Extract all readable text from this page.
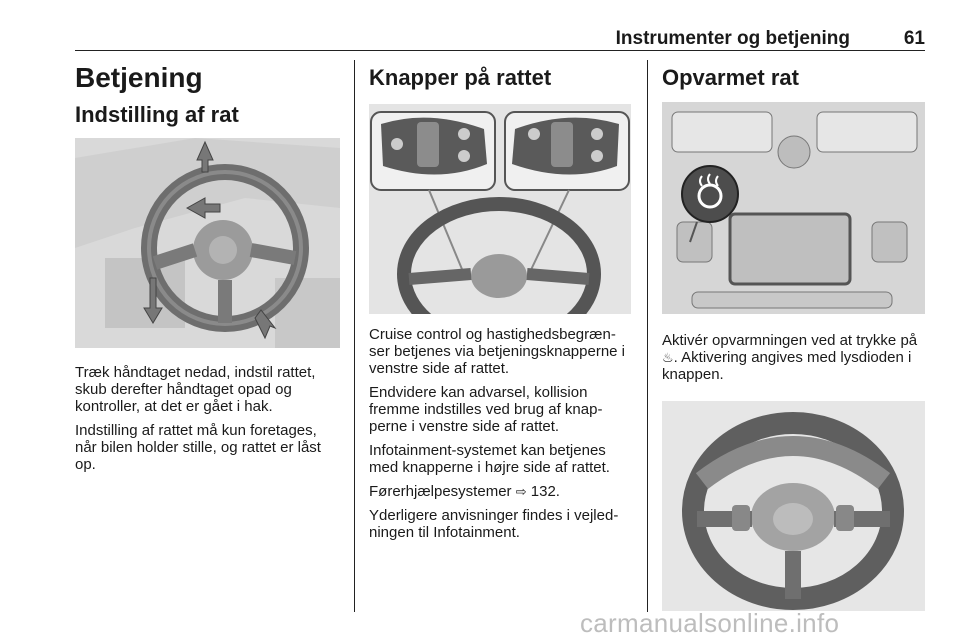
Instrumenter og betjening	61
Betjening
Indstilling af rat

Træk håndtaget nedad, indstil rattet, skub derefter håndtaget opad og kontroller, at det er gået i hak.

Indstilling af rattet må kun foretages, når bilen holder stille, og rattet er låst op.

Knapper på rattet

Cruise control og hastighedsbegrænser betjenes via betjeningsknapperne i venstre side af rattet.

Endvidere kan advarsel, kollision fremme indstilles ved brug af knapperne i venstre side af rattet.

Infotainment-systemet kan betjenes med knapperne i højre side af rattet.

Førerhjælpesystemer ⇨ 132.

Yderligere anvisninger findes i vejledningen til Infotainment.

Opvarmet rat

Aktivér opvarmningen ved at trykke på ♨. Aktivering angives med lysdioden i knappen.

carmanualsonline.info
